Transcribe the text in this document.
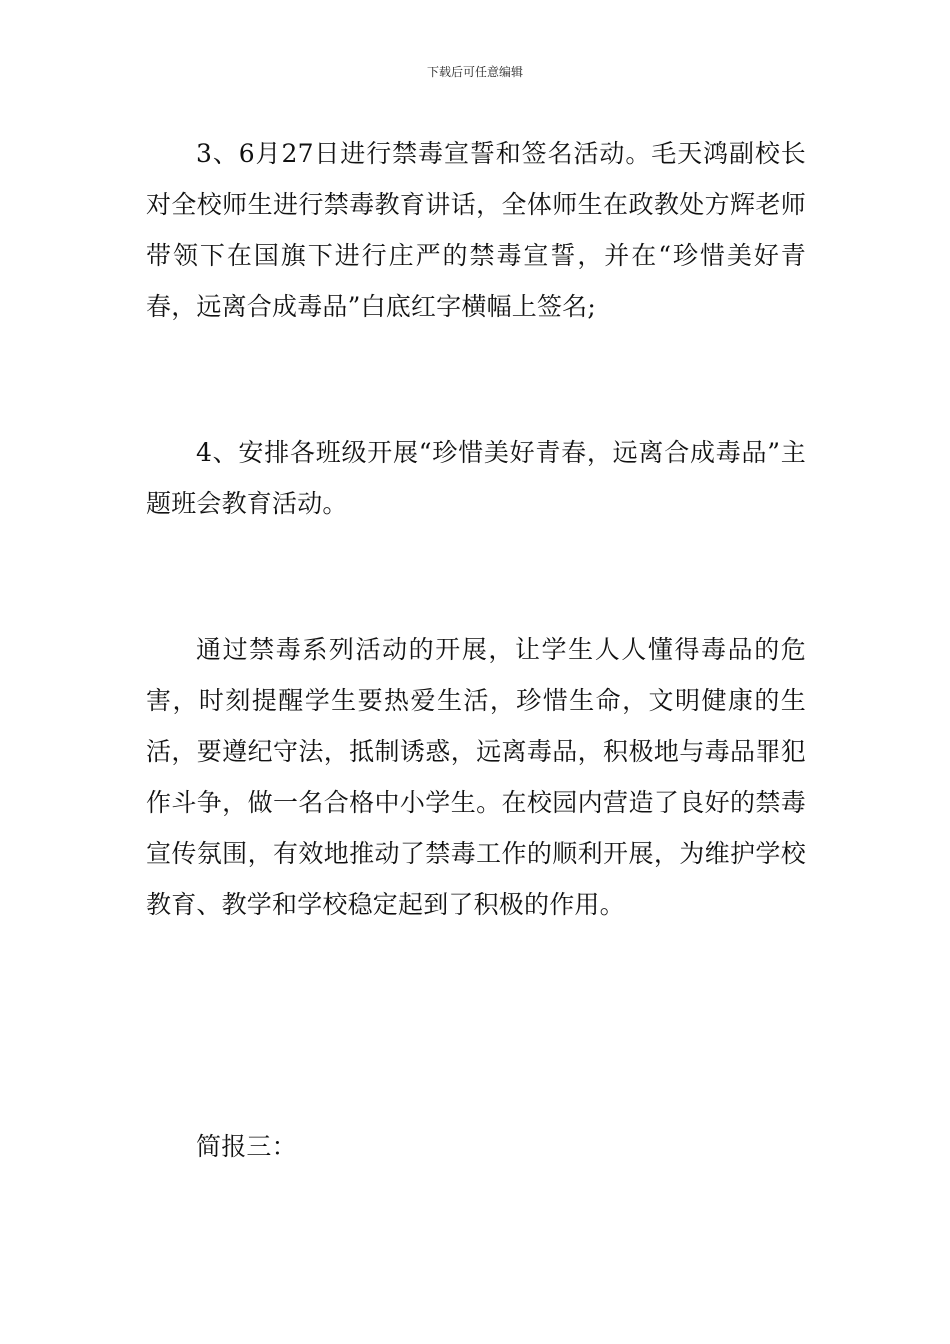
下载后可任意编辑

3、6月27日进行禁毒宣誓和签名活动。毛天鸿副校长对全校师生进行禁毒教育讲话，全体师生在政教处方辉老师带领下在国旗下进行庄严的禁毒宣誓，并在“珍惜美好青春，远离合成毒品”白底红字横幅上签名;

4、安排各班级开展“珍惜美好青春，远离合成毒品”主题班会教育活动。

通过禁毒系列活动的开展，让学生人人懂得毒品的危害，时刻提醒学生要热爱生活，珍惜生命，文明健康的生活，要遵纪守法，抵制诱惑，远离毒品，积极地与毒品罪犯作斗争，做一名合格中小学生。在校园内营造了良好的禁毒宣传氛围，有效地推动了禁毒工作的顺利开展，为维护学校教育、教学和学校稳定起到了积极的作用。

简报三：
